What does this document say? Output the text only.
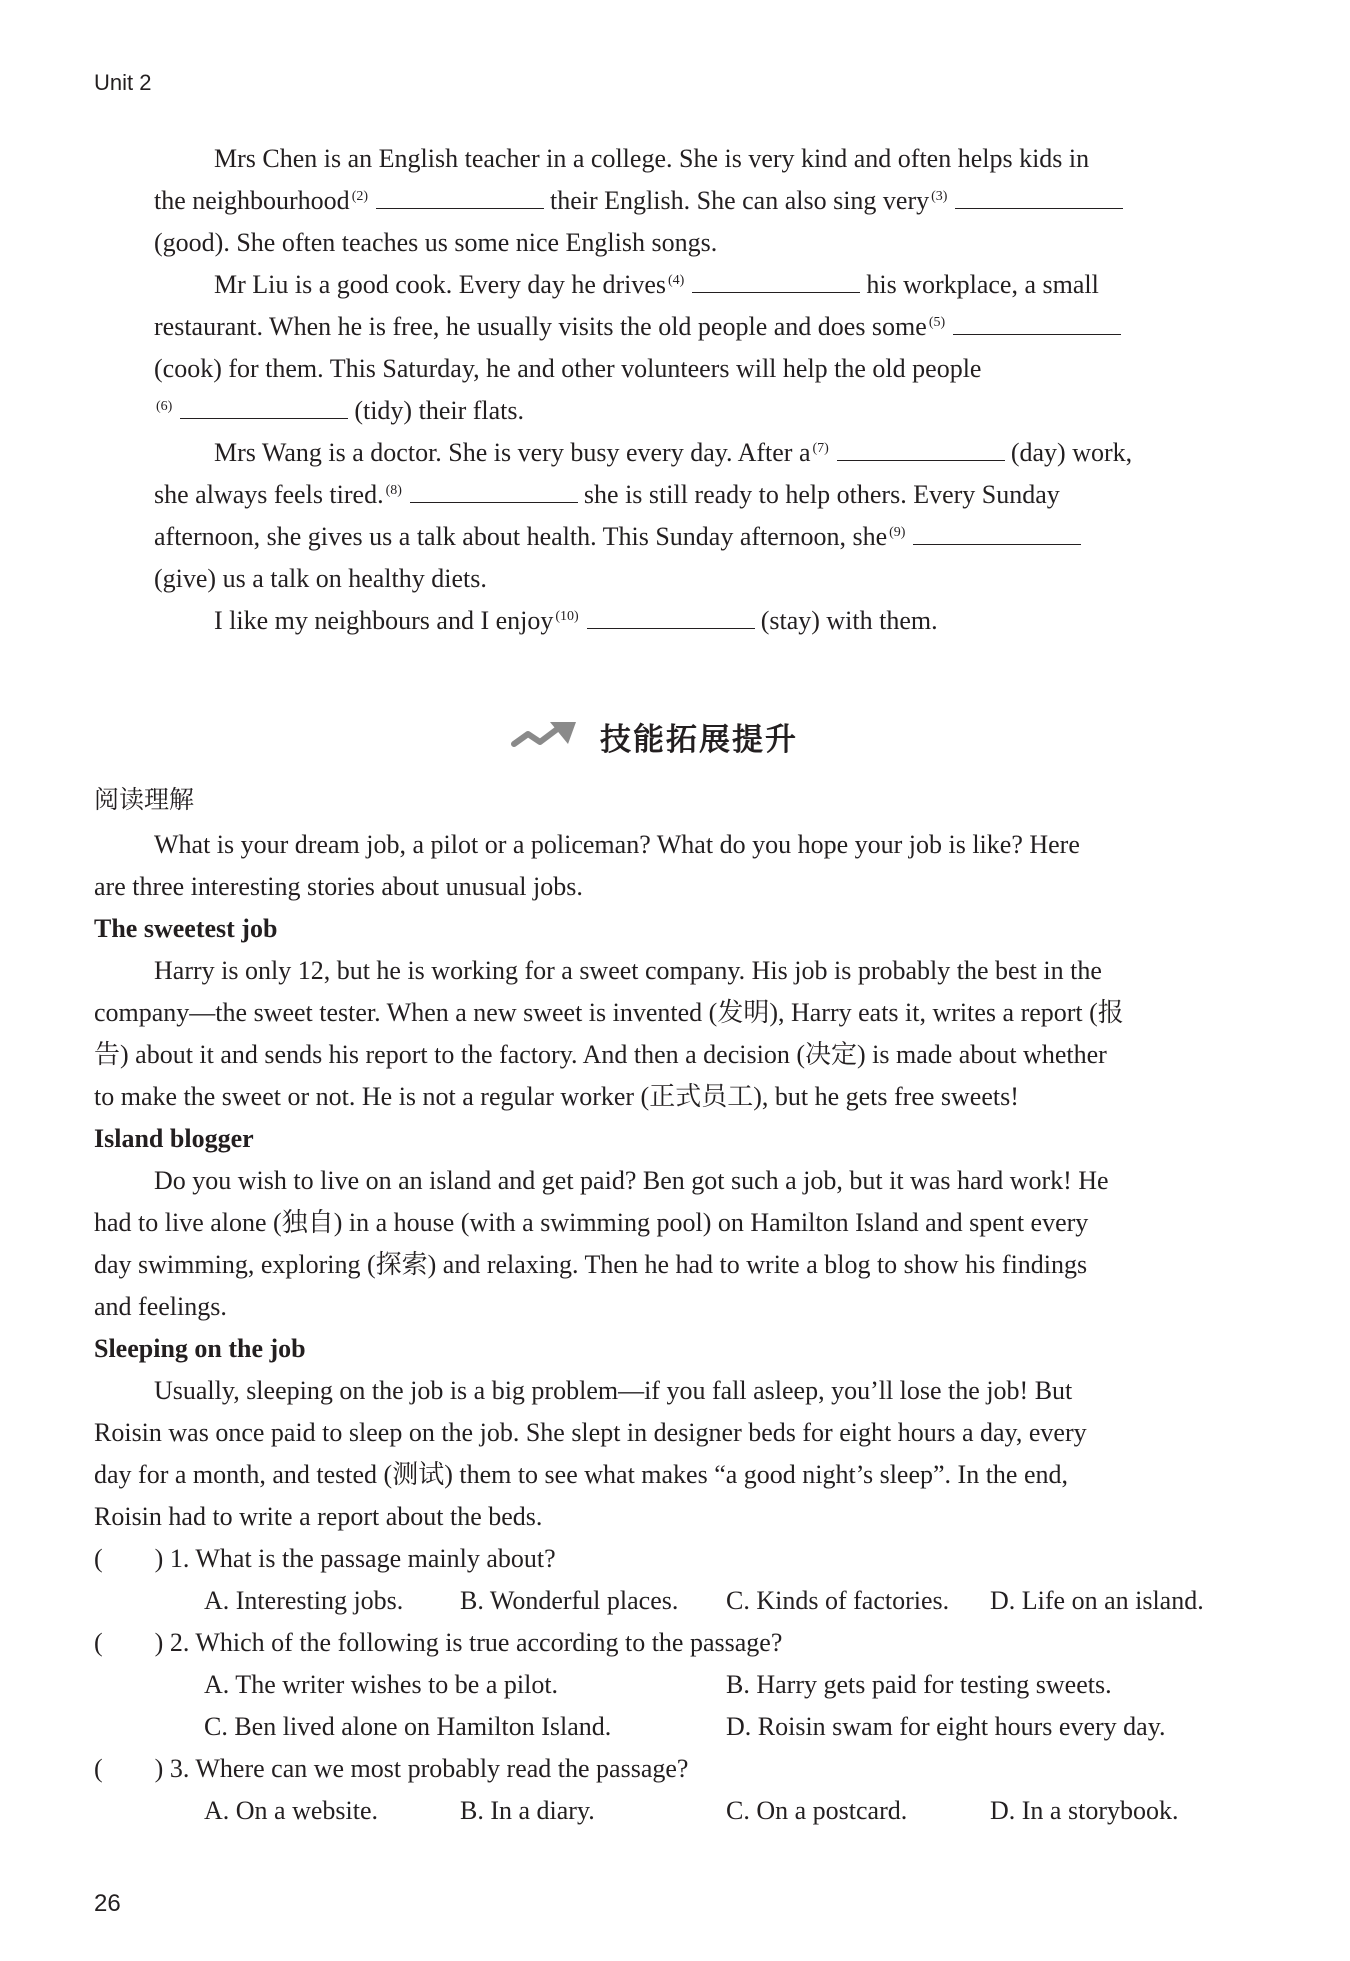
Unit 2
Mrs Chen is an English teacher in a college. She is very kind and often helps kids in
the neighbourhood $^{(2)}$	their English. She can also sing very $^{(3)}$
(good). She often teaches us some nice English songs.
Mr Liu is a good cook. Every day he drives $^{(4)}$	his workplace, a small
restaurant. When he is free, he usually visits the old people and does some $^{(5)}$
(cook) for them. This Saturday, he and other volunteers will help the old people
$^{(6)}$	(tidy) their flats.
Mrs Wang is a doctor. She is very busy every day. After a $^{(7)}$	(day) work,
she always feels tired. $^{(8)}$	she is still ready to help others. Every Sunday
afternoon, she gives us a talk about health. This Sunday afternoon, she $^{(9)}$
(give) us a talk on healthy diets.
I like my neighbours and I enjoy $^{(10)}$	(stay) with them.
技能拓展提升
阅读理解
What is your dream job, a pilot or a policeman? What do you hope your job is like? Here
are three interesting stories about unusual jobs.
The sweetest job
Harry is only 12, but he is working for a sweet company. His job is probably the best in the
company—the sweet tester. When a new sweet is invented (发明), Harry eats it, writes a report (报
告) about it and sends his report to the factory. And then a decision (决定) is made about whether
to make the sweet or not. He is not a regular worker (正式员工), but he gets free sweets!
Island blogger
Do you wish to live on an island and get paid? Ben got such a job, but it was hard work! He
had to live alone (独自) in a house (with a swimming pool) on Hamilton Island and spent every
day swimming, exploring (探索) and relaxing. Then he had to write a blog to show his findings
and feelings.
Sleeping on the job
Usually, sleeping on the job is a big problem—if you fall asleep, you’ll lose the job! But
Roisin was once paid to sleep on the job. She slept in designer beds for eight hours a day, every
day for a month, and tested (测试) them to see what makes “a good night’s sleep”. In the end,
Roisin had to write a report about the beds.
( ) 1. What is the passage mainly about?
A. Interesting jobs. B. Wonderful places. C. Kinds of factories. D. Life on an island.
( ) 2. Which of the following is true according to the passage?
A. The writer wishes to be a pilot.	B. Harry gets paid for testing sweets.
C. Ben lived alone on Hamilton Island.	D. Roisin swam for eight hours every day.
( ) 3. Where can we most probably read the passage?
A. On a website.	B. In a diary.	C. On a postcard.	D. In a storybook.
26
